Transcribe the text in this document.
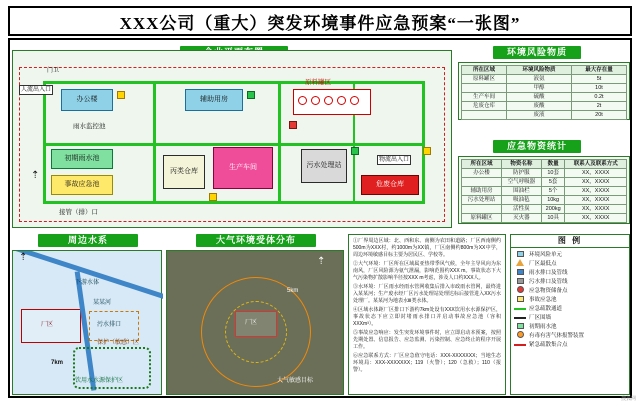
XXX公司（重大）突发环境事件应急预案“一张图”
人流出入口
物流出入口
门卫
办公楼	辅助用房
原料罐区
雨水监控池
初期雨水池
事故应急池
丙类仓库
生产车间	污水处理站
危废仓库
接管（排）口
⇡
环境风险物质
所在区域	环境风险物质	最大存在量
原料罐区	液氨	5t
	甲醇	10t
生产车间	硫酸	0.2t
危废仓库	废酸	2t
	废液	20t
应急物资统计
所在区域	物资名称	数量	联系人及联系方式
办公楼	防护服	10套	XX，XXXX
	空气呼吸器	5套	XX，XXXX
辅助用房	围油栏	5个	XX，XXXX
污水处理站	吸油毡	10kg	XX，XXXX
	活性炭	200kg	XX，XXXX
原料罐区	灭火器	10具	XX，XXXX
周边水系
下游水体
厂区
某某河
污水排口
7km
饮用水水源保护区
保护（敏感）区
⇡
大气环境受体分布
厂区
5km
大气敏感目标
⇡
①厂界周边区域：北、西和东、南侧为农田和道路；厂区西南侧约500m为XXX村，约1000m为XX镇，厂区南侧约800m为XX中学，周边环境敏感目标主要为居民区、学校等。
②大气环境：厂区所在区域属亚热带季风气候，全年主导风向为东南风，厂区风险源为氨气泄漏，影响范围约XXX m。事故状态下大气污染物扩散影响半径按XXX m考虑，涉及人口约XXX人。
③水环境：厂区雨水经雨水管网收集后排入市政雨水管网，最终进入某某河；生产废水经厂区污水处理站处理达标后接管进入XX污水处理厂。某某河为地表水Ⅲ类水体。
④区域水体距厂区排口下游约7km处设有XXX饮用水水源保护区，事故状态下应立即封堵雨水排口并启动事故应急池（容积XXXm³）。
⑤事故应急响应：发生突发环境事件时，应立即启动本预案，按照先期处置、信息报告、应急监测、污染控制、应急终止的程序开展工作。
⑥应急联系方式：厂区应急值守电话：XXX-XXXXXXX；当地生态环境局：XXX-XXXXXXX；119（火警）；120（急救）；110（报警）。
图 例
环境风险单元
厂区最低点
雨水排口及管线
污水排口及管线
应急物资储备点
事故应急池
应急疏散通道
厂区围墙
初期雨水池
有毒有害气体报警装置
紧急疏散集合点
搜狐网
